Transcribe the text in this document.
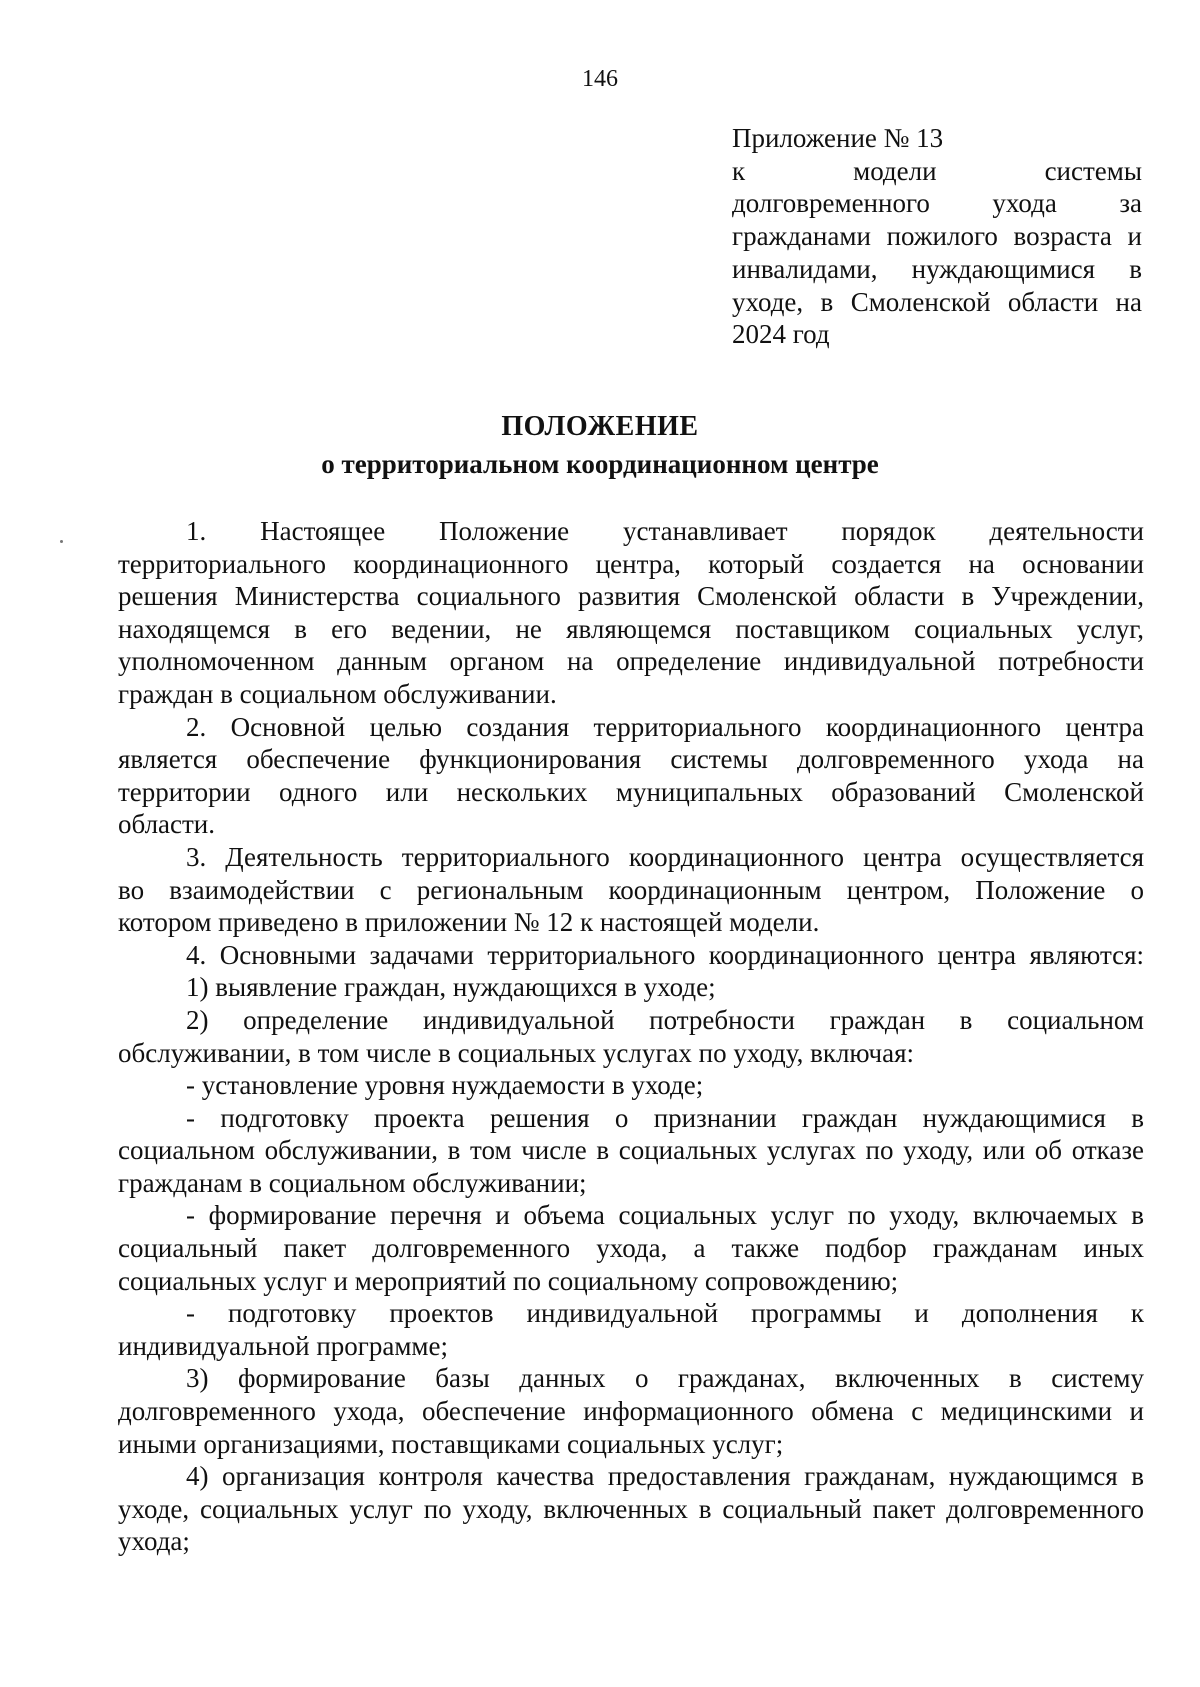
146
Приложение № 13
к модели системы
долговременного ухода за
гражданами пожилого возраста и
инвалидами, нуждающимися в
уходе, в Смоленской области на
2024 год
ПОЛОЖЕНИЕ
о территориальном координационном центре
1. Настоящее Положение устанавливает порядок деятельности
территориального координационного центра, который создается на основании
решения Министерства социального развития Смоленской области в Учреждении,
находящемся в его ведении, не являющемся поставщиком социальных услуг,
уполномоченном данным органом на определение индивидуальной потребности
граждан в социальном обслуживании.
2. Основной целью создания территориального координационного центра
является обеспечение функционирования системы долговременного ухода на
территории одного или нескольких муниципальных образований Смоленской
области.
3. Деятельность территориального координационного центра осуществляется
во взаимодействии с региональным координационным центром, Положение о
котором приведено в приложении № 12 к настоящей модели.
4. Основными задачами территориального координационного центра являются:
1) выявление граждан, нуждающихся в уходе;
2) определение индивидуальной потребности граждан в социальном
обслуживании, в том числе в социальных услугах по уходу, включая:
- установление уровня нуждаемости в уходе;
- подготовку проекта решения о признании граждан нуждающимися в
социальном обслуживании, в том числе в социальных услугах по уходу, или об отказе
гражданам в социальном обслуживании;
- формирование перечня и объема социальных услуг по уходу, включаемых в
социальный пакет долговременного ухода, а также подбор гражданам иных
социальных услуг и мероприятий по социальному сопровождению;
- подготовку проектов индивидуальной программы и дополнения к
индивидуальной программе;
3) формирование базы данных о гражданах, включенных в систему
долговременного ухода, обеспечение информационного обмена с медицинскими и
иными организациями, поставщиками социальных услуг;
4) организация контроля качества предоставления гражданам, нуждающимся в
уходе, социальных услуг по уходу, включенных в социальный пакет долговременного
ухода;
